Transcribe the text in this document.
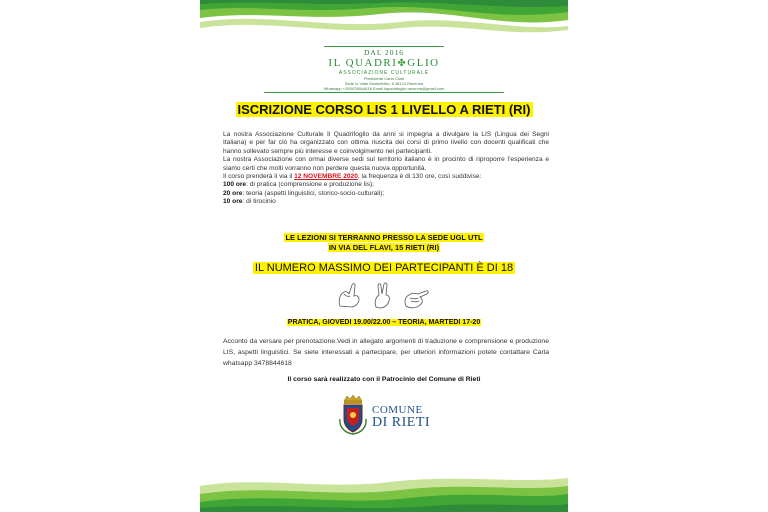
DAL 2016
IL QUADRI✤GLIO
ASSOCIAZIONE CULTURALE
Presidente Carla Ciotti
Sede in Viale Montefeltro, 6 48124 Ravenna
Whatsapp +393478844618 Email ilquadrifoglio.ravenna@gmail.com
ISCRIZIONE CORSO LIS 1 LIVELLO A RIETI (RI)

La nostra Associazione Culturale Il Quadrifoglio da anni si impegna a divulgare la LIS (Lingua dei Segni Italiana) e per far ciò ha organizzato con ottima riuscita dei corsi di primo livello con docenti qualificati che hanno sollevato sempre più interesse e coinvolgimento nei partecipanti.

La nostra Associazione con ormai diverse sedi sul territorio italiano è in procinto di riproporre l’esperienza e siamo certi che molti vorranno non perdere questa nuova opportunità.

Il corso prenderà il via il 12 NOVEMBRE 2020, la frequenza è di 130 ore, così suddivise:

100 ore: di pratica (comprensione e produzione lis);

20 ore: teoria (aspetti linguistici, storico-socio-culturali);

10 ore: di tirocinio

LE LEZIONI SI TERRANNO PRESSO LA SEDE UGL UTL
IN VIA DEL FLAVI, 15 RIETI (RI)
IL NUMERO MASSIMO DEI PARTECIPANTI È DI 18
PRATICA, GIOVEDI 19.00/22.00 – TEORIA, MARTEDI 17-20
Acconto da versare per prenotazione.Vedi in allegato argomenti di traduzione e comprensione e produzione LIS, aspetti linguistici. Se siete interessati a partecipare, per ulteriori informazioni potete contattare Carla whatsapp 3478844618
Il corso sarà realizzato con il Patrocinio del Comune di Rieti
COMUNE
DI RIETI
